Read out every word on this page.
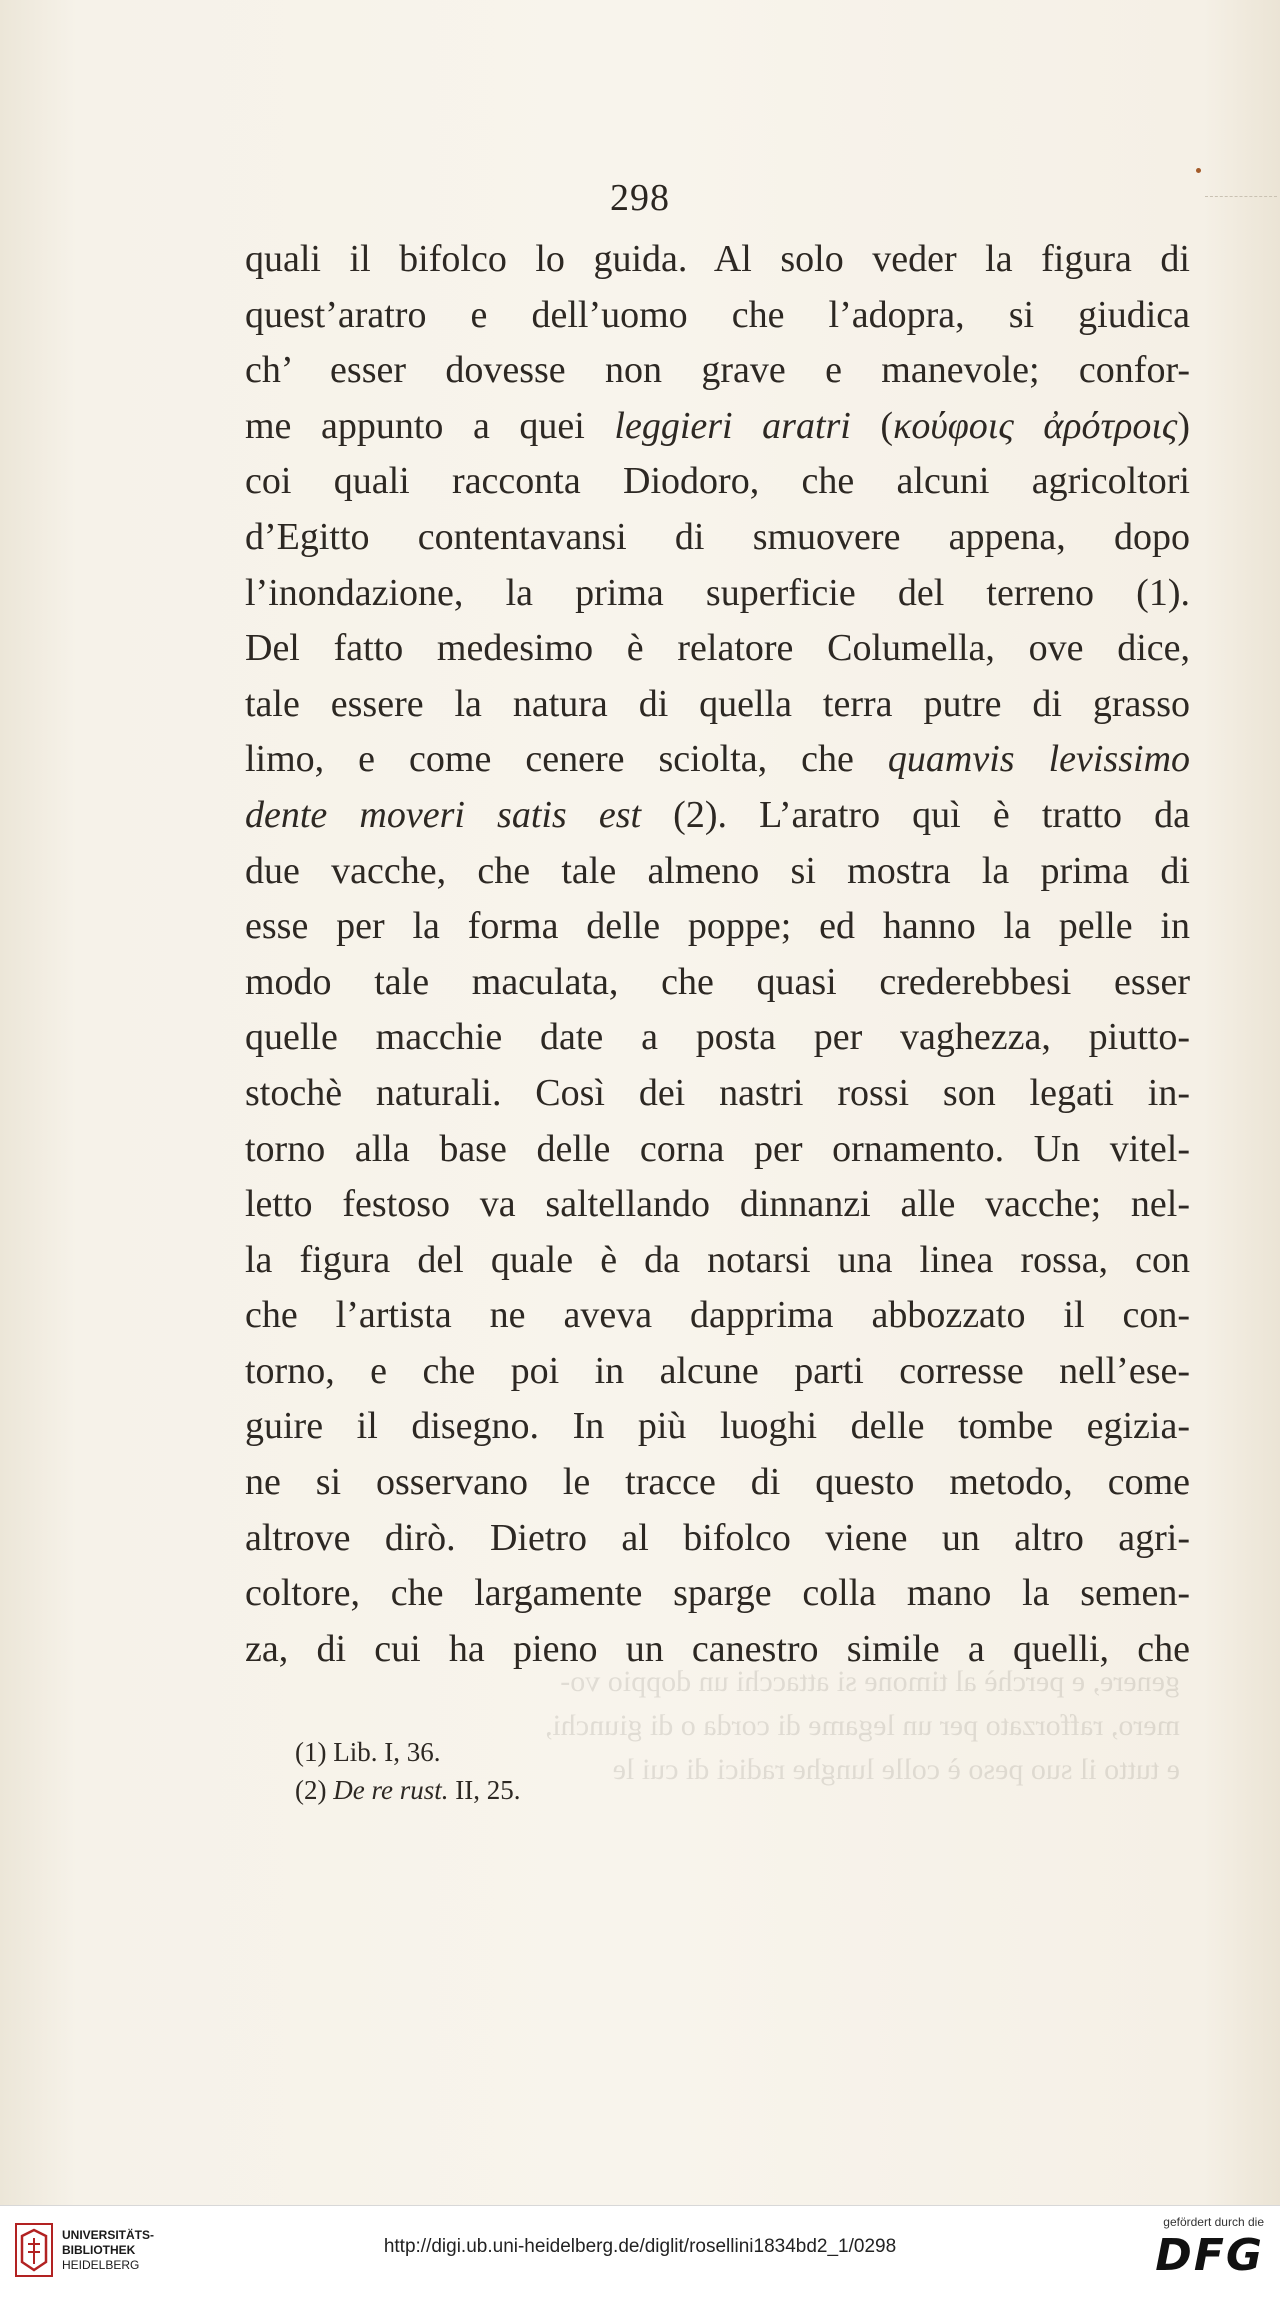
298
quali il bifolco lo guida. Al solo veder la figura di
quest’aratro e dell’uomo che l’adopra, si giudica
ch’ esser dovesse non grave e manevole; confor-
me appunto a quei leggieri aratri (κούφοις ἀρότροις)
coi quali racconta Diodoro, che alcuni agricoltori
d’Egitto contentavansi di smuovere appena, dopo
l’inondazione, la prima superficie del terreno (1).
Del fatto medesimo è relatore Columella, ove dice,
tale essere la natura di quella terra putre di grasso
limo, e come cenere sciolta, che quamvis levissimo
dente moveri satis est (2). L’aratro quì è tratto da
due vacche, che tale almeno si mostra la prima di
esse per la forma delle poppe; ed hanno la pelle in
modo tale maculata, che quasi crederebbesi esser
quelle macchie date a posta per vaghezza, piutto-
stochè naturali. Così dei nastri rossi son legati in-
torno alla base delle corna per ornamento. Un vitel-
letto festoso va saltellando dinnanzi alle vacche; nel-
la figura del quale è da notarsi una linea rossa, con
che l’artista ne aveva dapprima abbozzato il con-
torno, e che poi in alcune parti corresse nell’ese-
guire il disegno. In più luoghi delle tombe egizia-
ne si osservano le tracce di questo metodo, come
altrove dirò. Dietro al bifolco viene un altro agri-
coltore, che largamente sparge colla mano la semen-
za, di cui ha pieno un canestro simile a quelli, che
genere, e perchè al timone si attacchi un doppio vo-
mero, rafforzato per un legame di corda o di giunchi,
e tutto il suo peso è colle lunghe radici di cui le
(1) Lib. I, 36.
(2) De re rust. II, 25.
UNIVERSITÄTS-
BIBLIOTHEK
HEIDELBERG
http://digi.ub.uni-heidelberg.de/diglit/rosellini1834bd2_1/0298
gefördert durch die
DFG
